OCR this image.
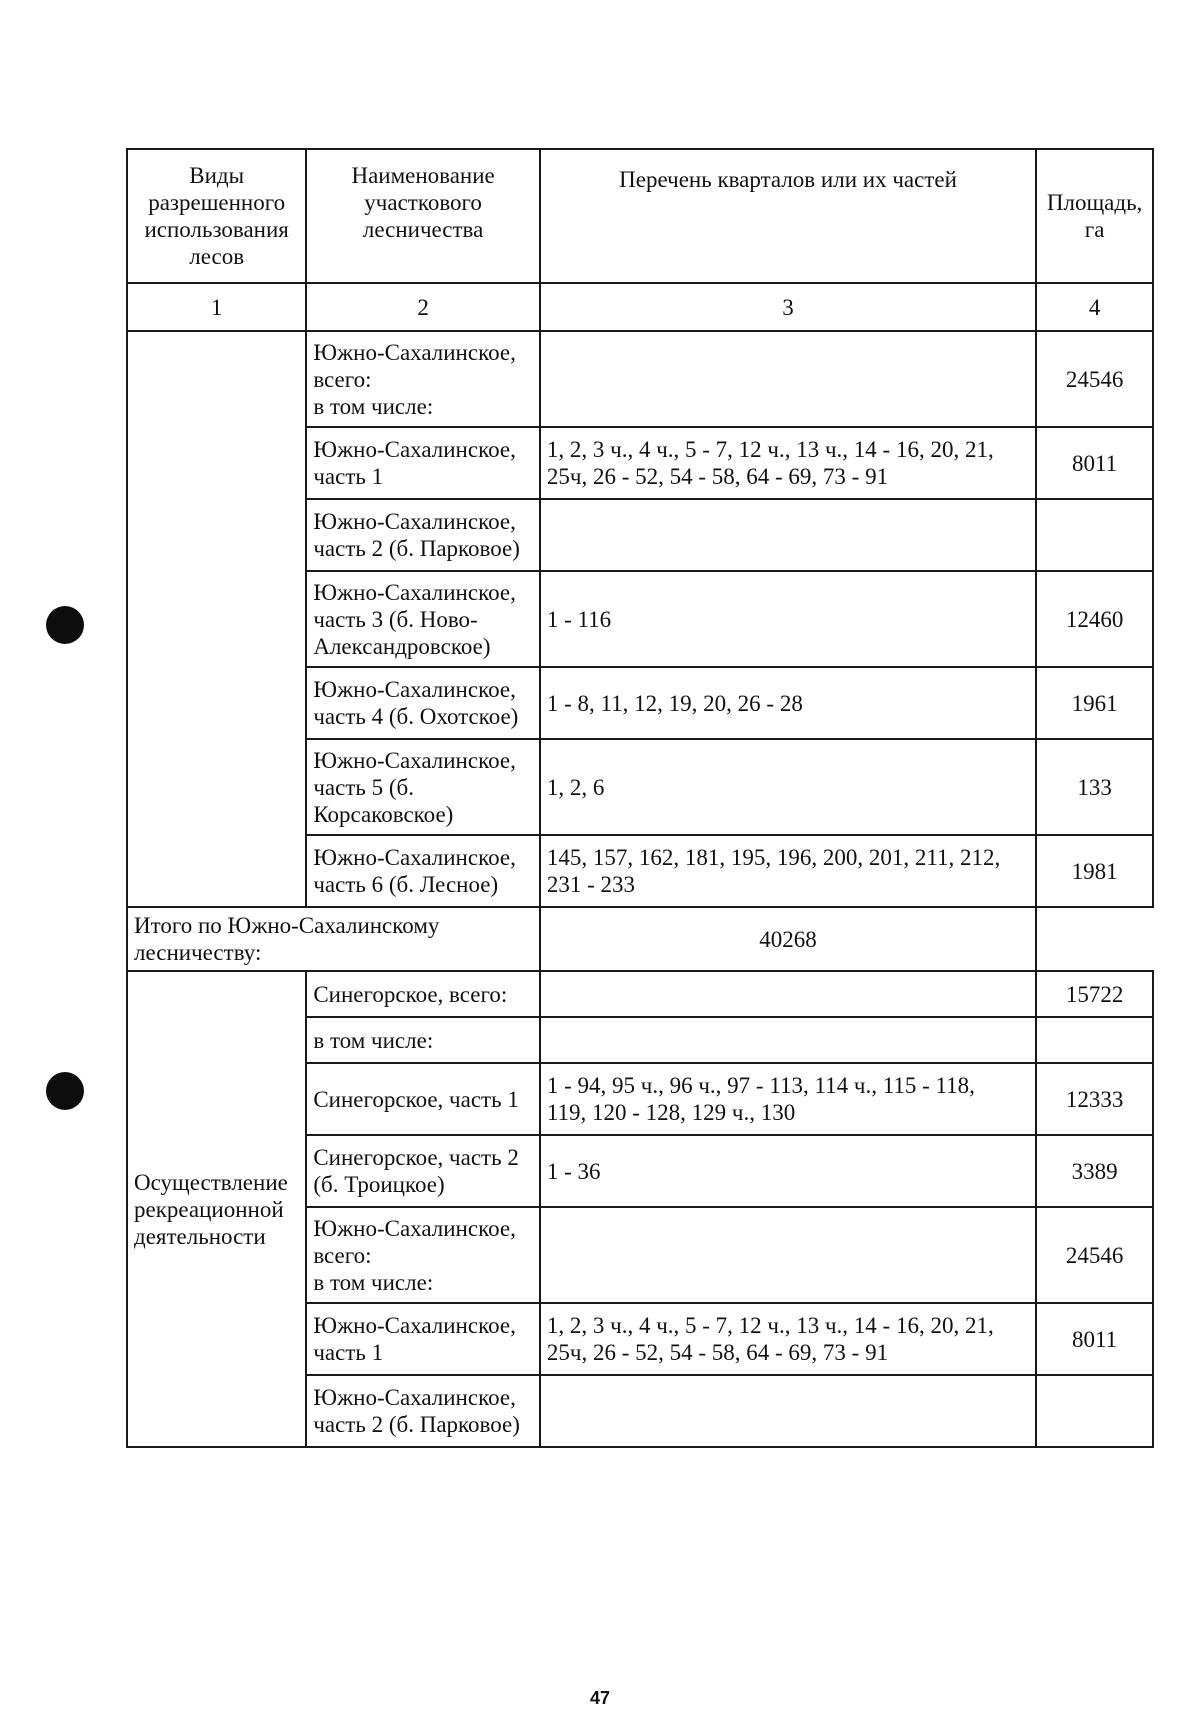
Виды
разрешенного
использования
лесов	Наименование
участкового
лесничества	Перечень кварталов или их частей	Площадь,
га

1	2	3	4

	Южно-Сахалинское,
всего:
в том числе:		24546

	Южно-Сахалинское,
часть 1	1, 2, 3 ч., 4 ч., 5 - 7, 12 ч., 13 ч., 14 - 16, 20, 21,
25ч, 26 - 52, 54 - 58, 64 - 69, 73 - 91	8011

	Южно-Сахалинское,
часть 2 (б. Парковое)		

	Южно-Сахалинское,
часть 3 (б. Ново-
Александровское)	1 - 116	12460

	Южно-Сахалинское,
часть 4 (б. Охотское)	1 - 8, 11, 12, 19, 20, 26 - 28	1961

	Южно-Сахалинское,
часть 5 (б.
Корсаковское)	1, 2, 6	133

	Южно-Сахалинское,
часть 6 (б. Лесное)	145, 157, 162, 181, 195, 196, 200, 201, 211, 212,
231 - 233	1981
Итого по Южно-Сахалинскому лесничеству:		40268	

Осуществление
рекреационной
деятельности	Синегорское, всего:		15722

	в том числе:		

	Синегорское, часть 1	1 - 94, 95 ч., 96 ч., 97 - 113, 114 ч., 115 - 118,
119, 120 - 128, 129 ч., 130	12333

	Синегорское, часть 2
(б. Троицкое)	1 - 36	3389

	Южно-Сахалинское,
всего:
в том числе:		24546

	Южно-Сахалинское,
часть 1	1, 2, 3 ч., 4 ч., 5 - 7, 12 ч., 13 ч., 14 - 16, 20, 21,
25ч, 26 - 52, 54 - 58, 64 - 69, 73 - 91	8011

	Южно-Сахалинское,
часть 2 (б. Парковое)		

47
